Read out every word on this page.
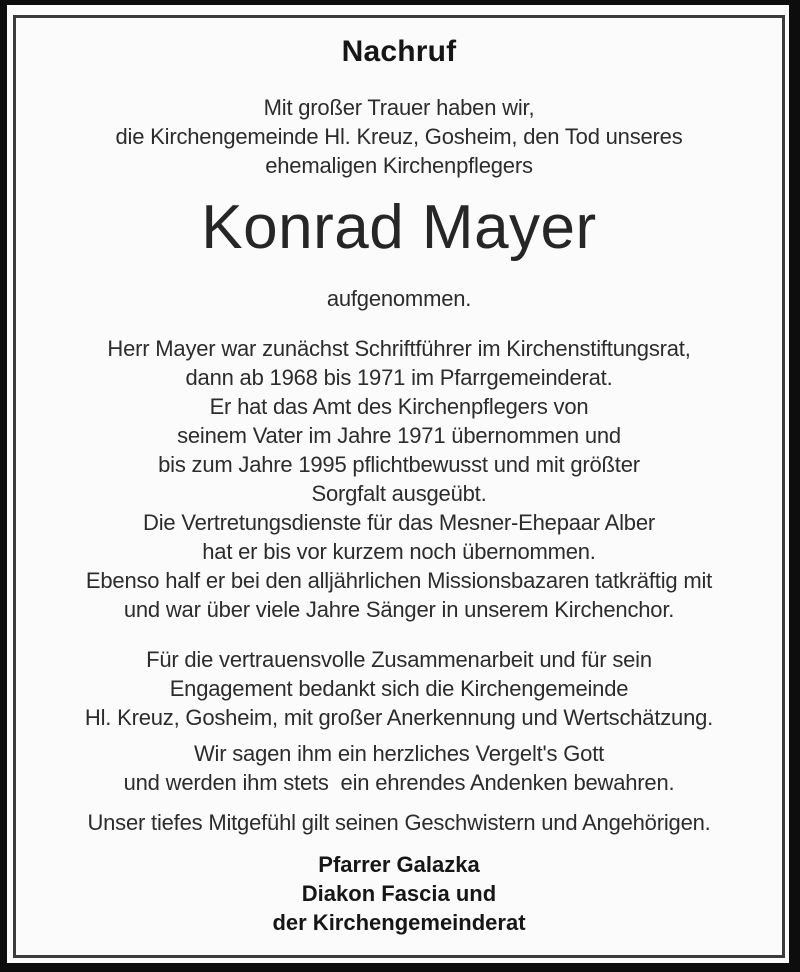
Nachruf
Mit großer Trauer haben wir,
die Kirchengemeinde Hl. Kreuz, Gosheim, den Tod unseres
ehemaligen Kirchenpflegers
Konrad Mayer
aufgenommen.
Herr Mayer war zunächst Schriftführer im Kirchenstiftungsrat,
dann ab 1968 bis 1971 im Pfarrgemeinderat.
Er hat das Amt des Kirchenpflegers von
seinem Vater im Jahre 1971 übernommen und
bis zum Jahre 1995 pflichtbewusst und mit größter
Sorgfalt ausgeübt.
Die Vertretungsdienste für das Mesner-Ehepaar Alber
hat er bis vor kurzem noch übernommen.
Ebenso half er bei den alljährlichen Missionsbazaren tatkräftig mit
und war über viele Jahre Sänger in unserem Kirchenchor.
Für die vertrauensvolle Zusammenarbeit und für sein
Engagement bedankt sich die Kirchengemeinde
Hl. Kreuz, Gosheim, mit großer Anerkennung und Wertschätzung.
Wir sagen ihm ein herzliches Vergelt's Gott
und werden ihm stets  ein ehrendes Andenken bewahren.
Unser tiefes Mitgefühl gilt seinen Geschwistern und Angehörigen.
Pfarrer Galazka
Diakon Fascia und
der Kirchengemeinderat
